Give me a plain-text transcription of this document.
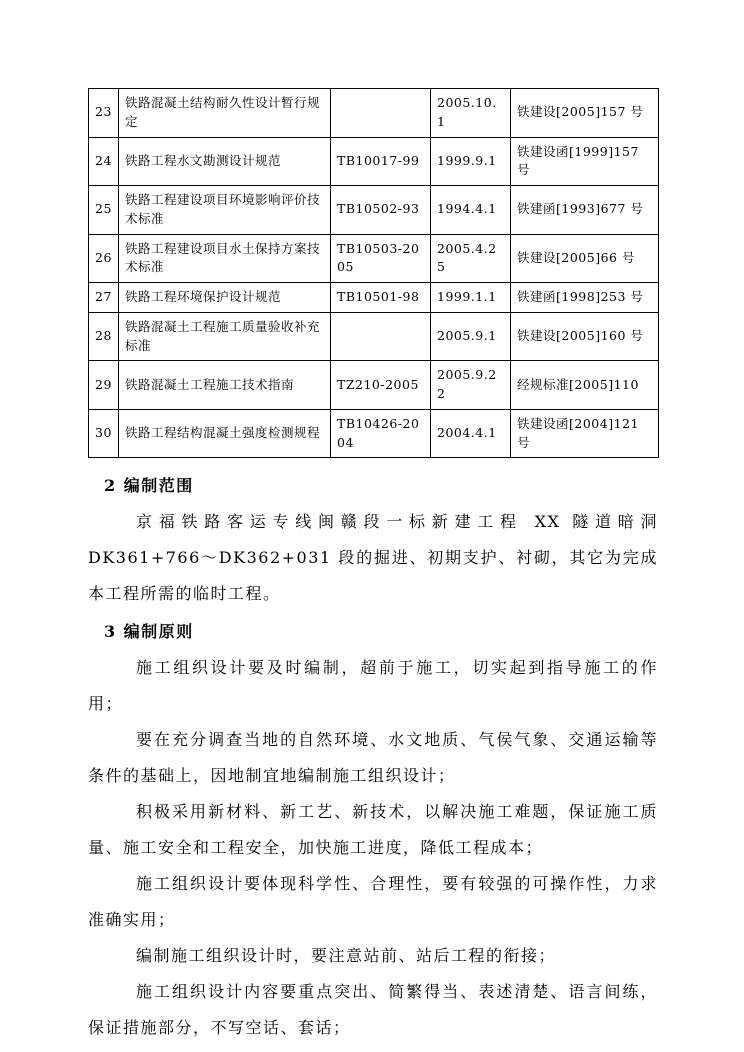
23	铁路混凝土结构耐久性设计暂行规定		2005.10.1	铁建设[2005]157 号
24	铁路工程水文勘测设计规范	TB10017-99	1999.9.1	铁建设函[1999]157 号
25	铁路工程建设项目环境影响评价技术标准	TB10502-93	1994.4.1	铁建函[1993]677 号
26	铁路工程建设项目水土保持方案技术标准	TB10503-2005	2005.4.25	铁建设[2005]66 号
27	铁路工程环境保护设计规范	TB10501-98	1999.1.1	铁建函[1998]253 号
28	铁路混凝土工程施工质量验收补充标准		2005.9.1	铁建设[2005]160 号
29	铁路混凝土工程施工技术指南	TZ210-2005	2005.9.22	经规标准[2005]110
30	铁路工程结构混凝土强度检测规程	TB10426-2004	2004.4.1	铁建设函[2004]121 号
2 编制范围

京福铁路客运专线闽赣段一标新建工程 XX 隧道暗洞 DK361+766～DK362+031 段的掘进、初期支护、衬砌，其它为完成本工程所需的临时工程。

3 编制原则

施工组织设计要及时编制，超前于施工，切实起到指导施工的作用；

要在充分调查当地的自然环境、水文地质、气侯气象、交通运输等条件的基础上，因地制宜地编制施工组织设计；

积极采用新材料、新工艺、新技术，以解决施工难题，保证施工质量、施工安全和工程安全，加快施工进度，降低工程成本；

施工组织设计要体现科学性、合理性，要有较强的可操作性，力求准确实用；

编制施工组织设计时，要注意站前、站后工程的衔接；

施工组织设计内容要重点突出、简繁得当、表述清楚、语言间练，保证措施部分，不写空话、套话；
